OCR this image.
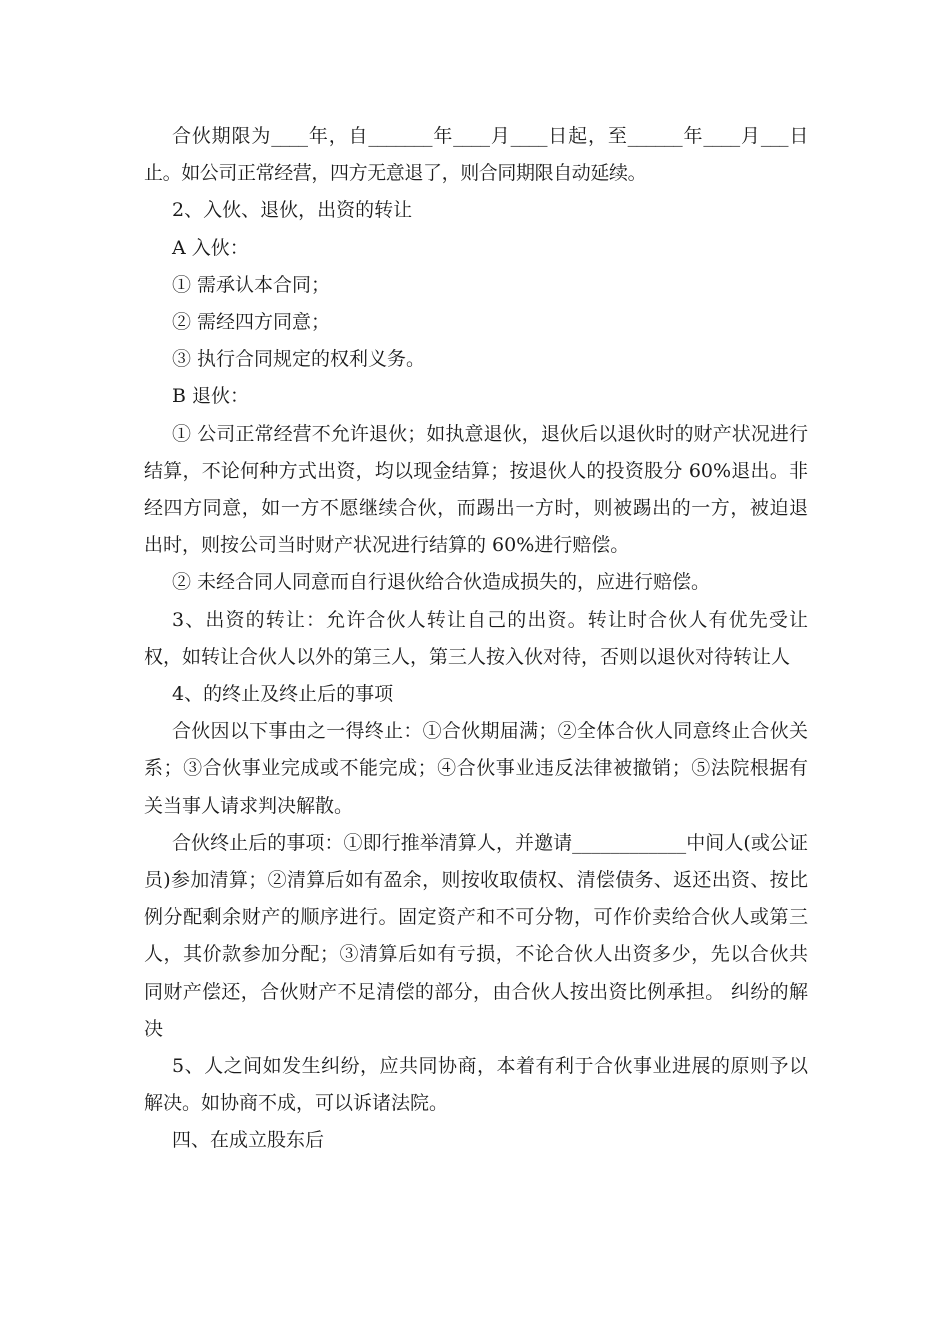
合伙期限为____年，自_______年____月____日起，至______年____月___日止。如公司正常经营，四方无意退了，则合同期限自动延续。

2、入伙、退伙，出资的转让

A 入伙：

① 需承认本合同；

② 需经四方同意；

③ 执行合同规定的权利义务。

B 退伙：

① 公司正常经营不允许退伙；如执意退伙，退伙后以退伙时的财产状况进行结算，不论何种方式出资，均以现金结算；按退伙人的投资股分 60%退出。非经四方同意，如一方不愿继续合伙，而踢出一方时，则被踢出的一方，被迫退出时，则按公司当时财产状况进行结算的 60%进行赔偿。

② 未经合同人同意而自行退伙给合伙造成损失的，应进行赔偿。

3、出资的转让：允许合伙人转让自己的出资。转让时合伙人有优先受让权，如转让合伙人以外的第三人，第三人按入伙对待，否则以退伙对待转让人

4、的终止及终止后的事项

合伙因以下事由之一得终止：①合伙期届满；②全体合伙人同意终止合伙关系；③合伙事业完成或不能完成；④合伙事业违反法律被撤销；⑤法院根据有关当事人请求判决解散。

合伙终止后的事项：①即行推举清算人，并邀请____________中间人(或公证员)参加清算；②清算后如有盈余，则按收取债权、清偿债务、返还出资、按比例分配剩余财产的顺序进行。固定资产和不可分物，可作价卖给合伙人或第三人，其价款参加分配；③清算后如有亏损，不论合伙人出资多少，先以合伙共同财产偿还，合伙财产不足清偿的部分，由合伙人按出资比例承担。 纠纷的解决

5、人之间如发生纠纷，应共同协商，本着有利于合伙事业进展的原则予以解决。如协商不成，可以诉诸法院。

四、在成立股东后
